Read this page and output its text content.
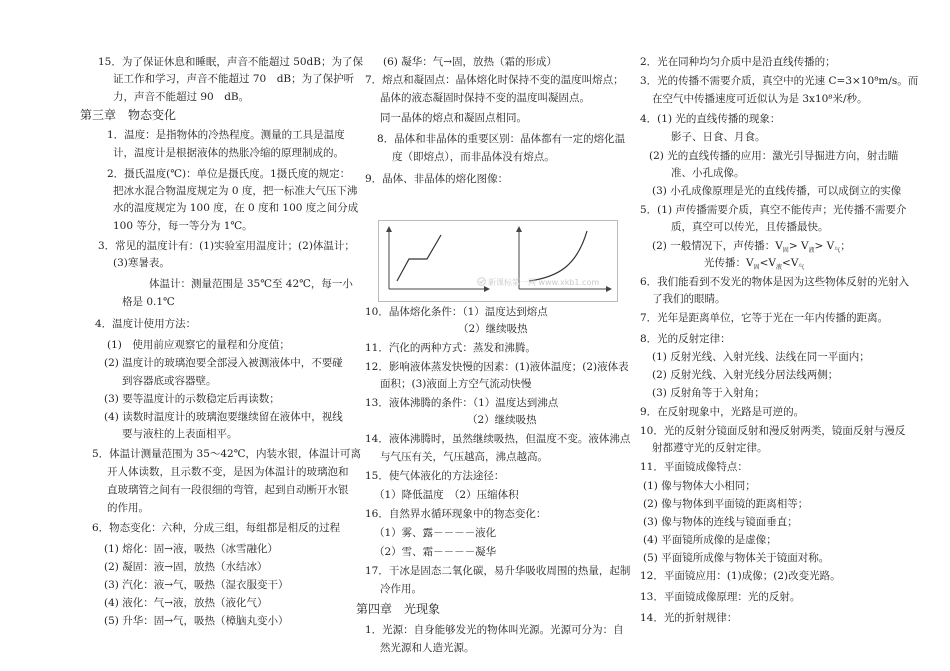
15．为了保证休息和睡眠，声音不能超过 50dB；为了保
证工作和学习，声音不能超过 70　dB；为了保护听
力，声音不能超过 90　dB。
第三章　物态变化
1．温度：是指物体的冷热程度。测量的工具是温度
计，温度计是根据液体的热胀冷缩的原理制成的。
2．摄氏温度(℃)：单位是摄氏度。1摄氏度的规定：
把冰水混合物温度规定为 0 度，把一标准大气压下沸
水的温度规定为 100 度，在 0 度和 100 度之间分成
100 等分，每一等分为 1℃。
3．常见的温度计有：(1)实验室用温度计；(2)体温计；
(3)寒暑表。
体温计：测量范围是 35℃至 42℃，每一小
格是 0.1℃
4．温度计使用方法：
(1)　使用前应观察它的量程和分度值；
(2) 温度计的玻璃泡要全部浸入被测液体中，不要碰
到容器底或容器壁。
(3) 要等温度计的示数稳定后再读数；
(4) 读数时温度计的玻璃泡要继续留在液体中，视线
要与液柱的上表面相平。
5．体温计测量范围为 35～42℃，内装水银，体温计可离
开人体读数，且示数不变，是因为体温计的玻璃泡和
直玻璃管之间有一段很细的弯管，起到自动断开水银
的作用。
6．物态变化：六种，分成三组，每组都是相反的过程
(1) 熔化：固→液，吸热（冰雪融化）
(2) 凝固：液→固，放热（水结冰）
(3) 汽化：液→气，吸热（湿衣服变干）
(4) 液化：气→液，放热（液化气）
(5) 升华：固→气，吸热（樟脑丸变小）
(6) 凝华：气→固，放热（霜的形成）
7．熔点和凝固点：晶体熔化时保持不变的温度叫熔点；
晶体的液态凝固时保持不变的温度叫凝固点。
同一晶体的熔点和凝固点相同。
8．晶体和非晶体的重要区别：晶体都有一定的熔化温
度（即熔点），而非晶体没有熔点。
9．晶体、非晶体的熔化图像：
新课标第一网 www.xkb1.com
10．晶体熔化条件：（1）温度达到熔点
（2）继续吸热
11．汽化的两种方式：蒸发和沸腾。
12．影响液体蒸发快慢的因素：(1)液体温度；(2)液体表
面积；(3)液面上方空气流动快慢
13．液体沸腾的条件：（1）温度达到沸点
（2）继续吸热
14．液体沸腾时，虽然继续吸热，但温度不变。液体沸点
与气压有关，气压越高，沸点越高。
15．使气体液化的方法途径：
（1）降低温度　（2）压缩体积
16．自然界水循环现象中的物态变化：
（1）雾、露－－－－液化
（2）雪、霜－－－－凝华
17．干冰是固态二氧化碳，易升华吸收周围的热量，起制
冷作用。
第四章　光现象
1．光源：自身能够发光的物体叫光源。光源可分为：自
然光源和人造光源。
2．光在同种均匀介质中是沿直线传播的；
3．光的传播不需要介质，真空中的光速 C=3×10⁸m/s。而
在空气中传播速度可近似认为是 3x10⁸米/秒。
4．(1) 光的直线传播的现象：
影子、日食、月食。
(2) 光的直线传播的应用：激光引导掘进方向，射击瞄
准、小孔成像。
(3) 小孔成像原理是光的直线传播，可以成倒立的实像
5．(1) 声传播需要介质，真空不能传声；光传播不需要介
质，真空可以传光，且传播最快。
(2) 一般情况下，声传播：$V_固> V_液> V_气$；
光传播：$V_固<V_液<V_气$
6．我们能看到不发光的物体是因为这些物体反射的光射入
了我们的眼睛。
7．光年是距离单位，它等于光在一年内传播的距离。
8．光的反射定律：
(1) 反射光线、入射光线、法线在同一平面内；
(2) 反射光线、入射光线分居法线两侧；
(3) 反射角等于入射角；
9．在反射现象中，光路是可逆的。
10．光的反射分镜面反射和漫反射两类，镜面反射与漫反
射都遵守光的反射定律。
11．平面镜成像特点：
(1) 像与物体大小相同；
(2) 像与物体到平面镜的距离相等；
(3) 像与物体的连线与镜面垂直；
(4) 平面镜所成像的是虚像；
(5) 平面镜所成像与物体关于镜面对称。
12．平面镜应用：(1)成像；(2)改变光路。
13．平面镜成像原理：光的反射。
14．光的折射规律：
